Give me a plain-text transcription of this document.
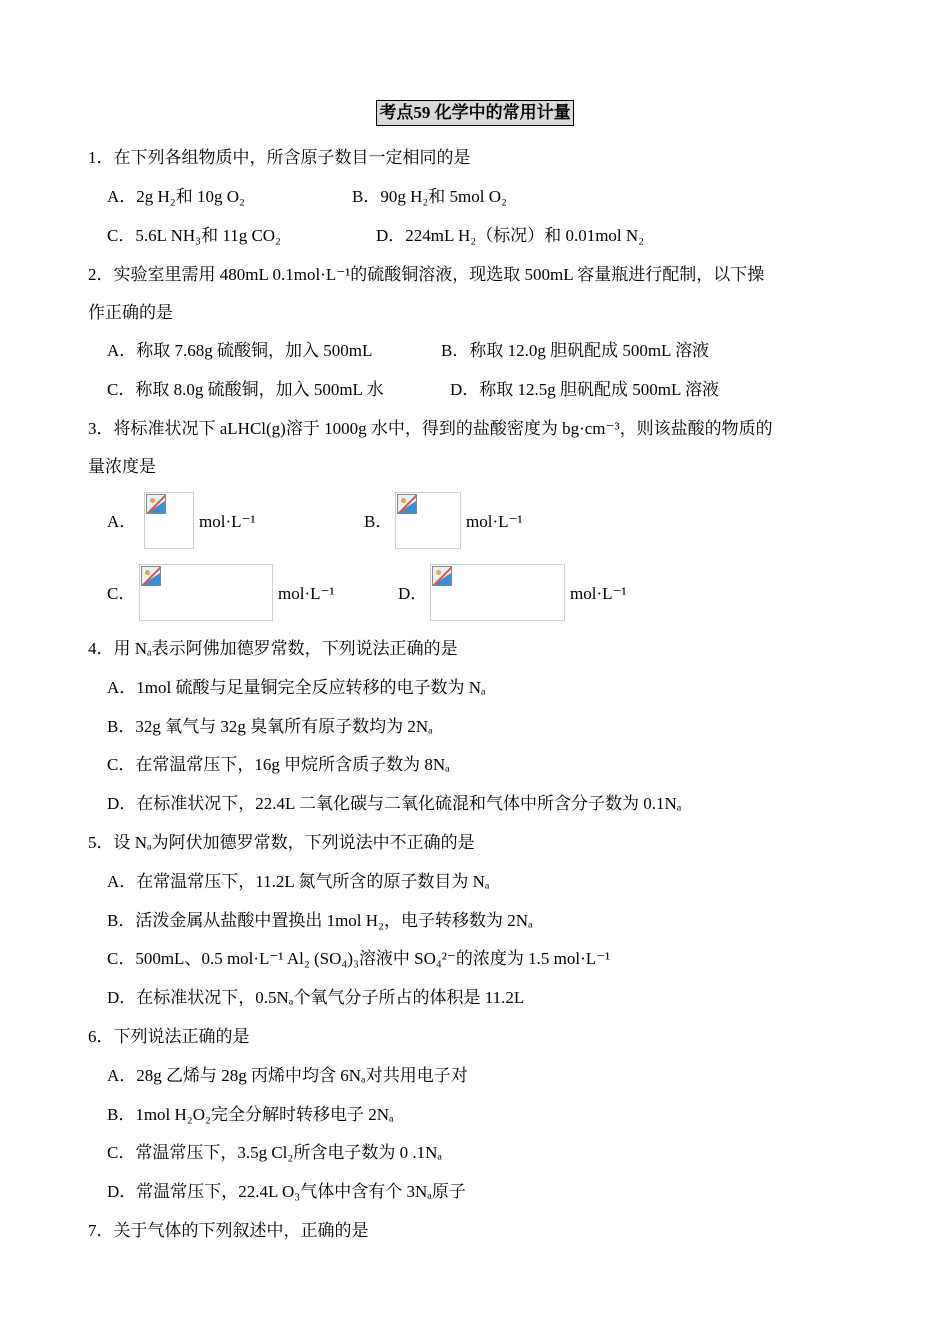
考点59 化学中的常用计量
1．在下列各组物质中，所含原子数目一定相同的是
A．2g H₂和 10g O₂	B．90g H₂和 5mol O₂
C．5.6L NH₃和 11g CO₂	D．224mL H₂（标况）和 0.01mol N₂
2．实验室里需用 480mL 0.1mol·L⁻¹的硫酸铜溶液，现选取 500mL 容量瓶进行配制，以下操
作正确的是
A．称取 7.68g 硫酸铜，加入 500mL	B．称取 12.0g 胆矾配成 500mL 溶液
C．称取 8.0g 硫酸铜，加入 500mL 水	D．称取 12.5g 胆矾配成 500mL 溶液
3．将标准状况下 aLHCl(g)溶于 1000g 水中，得到的盐酸密度为 bg·cm⁻³，则该盐酸的物质的
量浓度是
A．	mol·L⁻¹	B．	mol·L⁻¹
C．	mol·L⁻¹	D．	mol·L⁻¹
4．用 Nₐ表示阿佛加德罗常数，下列说法正确的是
A．1mol 硫酸与足量铜完全反应转移的电子数为 Nₐ
B．32g 氧气与 32g 臭氧所有原子数均为 2Nₐ
C．在常温常压下，16g 甲烷所含质子数为 8Nₐ
D．在标准状况下，22.4L 二氧化碳与二氧化硫混和气体中所含分子数为 0.1Nₐ
5．设 Nₐ为阿伏加德罗常数，下列说法中不正确的是
A．在常温常压下，11.2L 氮气所含的原子数目为 Nₐ
B．活泼金属从盐酸中置换出 1mol H₂，电子转移数为 2Nₐ
C．500mL、0.5 mol·L⁻¹ Al₂ (SO₄)₃溶液中 SO₄²⁻的浓度为 1.5 mol·L⁻¹
D．在标准状况下，0.5Nₐ个氧气分子所占的体积是 11.2L
6．下列说法正确的是
A．28g 乙烯与 28g 丙烯中均含 6Nₐ对共用电子对
B．1mol H₂O₂完全分解时转移电子 2Nₐ
C．常温常压下，3.5g Cl₂所含电子数为 0 .1Nₐ
D．常温常压下，22.4L O₃气体中含有个 3Nₐ原子
7．关于气体的下列叙述中，正确的是
